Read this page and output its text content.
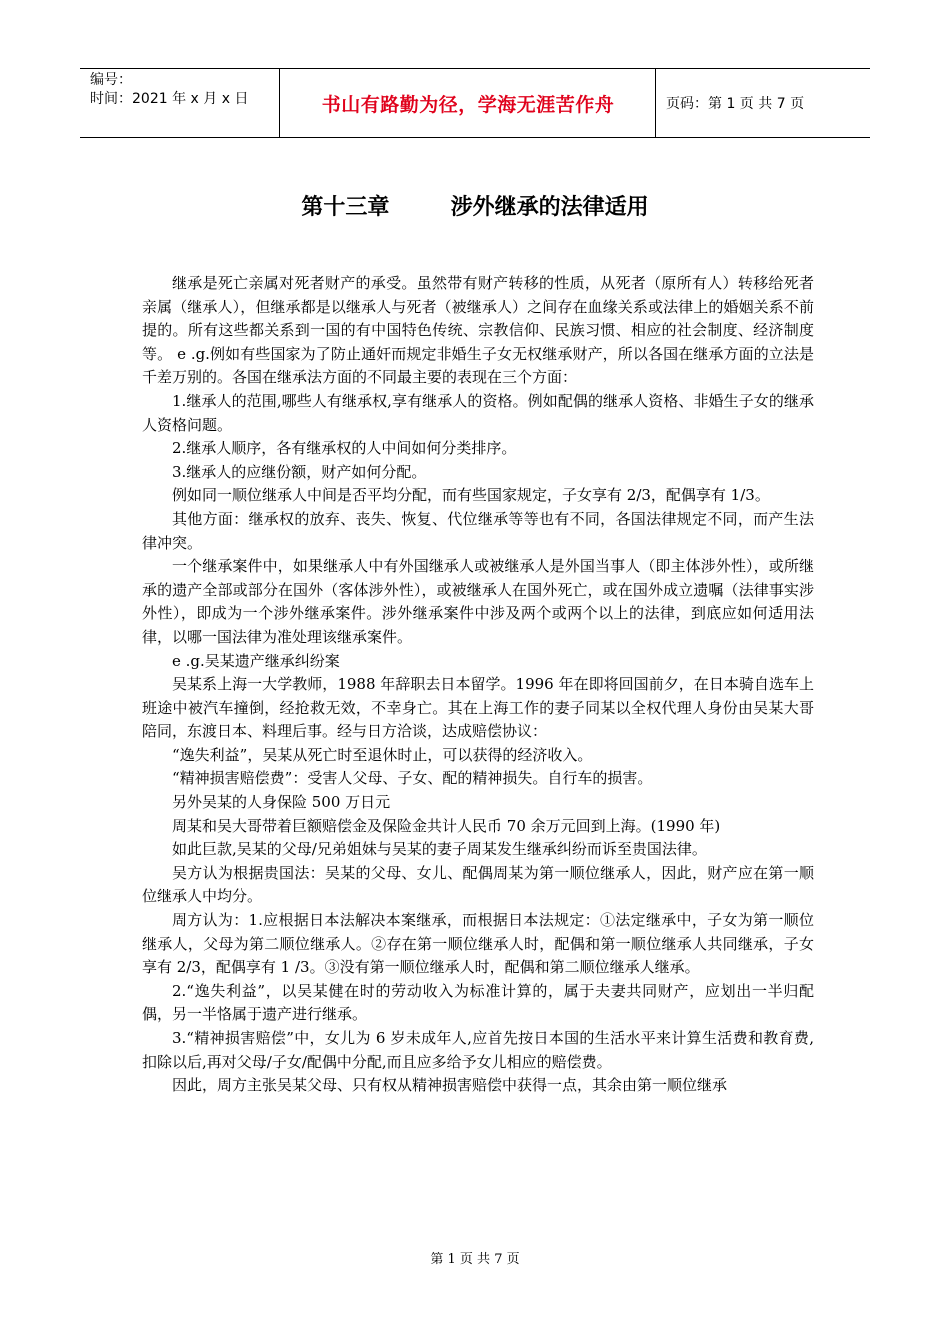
编号：
时间：2021 年 x 月 x 日	书山有路勤为径，学海无涯苦作舟	页码：第 1 页 共 7 页
第十三章        涉外继承的法律适用

继承是死亡亲属对死者财产的承受。虽然带有财产转移的性质，从死者（原所有人）转移给死者亲属（继承人），但继承都是以继承人与死者（被继承人）之间存在血缘关系或法律上的婚姻关系不前提的。所有这些都关系到一国的有中国特色传统、宗教信仰、民族习惯、相应的社会制度、经济制度等。 e .g.例如有些国家为了防止通奸而规定非婚生子女无权继承财产，所以各国在继承方面的立法是千差万别的。各国在继承法方面的不同最主要的表现在三个方面：

1.继承人的范围,哪些人有继承权,享有继承人的资格。例如配偶的继承人资格、非婚生子女的继承人资格问题。

2.继承人顺序，各有继承权的人中间如何分类排序。

3.继承人的应继份额，财产如何分配。

例如同一顺位继承人中间是否平均分配，而有些国家规定，子女享有 2/3，配偶享有 1/3。

其他方面：继承权的放弃、丧失、恢复、代位继承等等也有不同，各国法律规定不同，而产生法律冲突。

一个继承案件中，如果继承人中有外国继承人或被继承人是外国当事人（即主体涉外性），或所继承的遗产全部或部分在国外（客体涉外性），或被继承人在国外死亡，或在国外成立遗嘱（法律事实涉外性），即成为一个涉外继承案件。涉外继承案件中涉及两个或两个以上的法律，到底应如何适用法律，以哪一国法律为准处理该继承案件。

e .g.吴某遗产继承纠纷案

吴某系上海一大学教师，1988 年辞职去日本留学。1996 年在即将回国前夕，在日本骑自选车上班途中被汽车撞倒，经抢救无效，不幸身亡。其在上海工作的妻子同某以全权代理人身份由吴某大哥陪同，东渡日本、料理后事。经与日方洽谈，达成赔偿协议：

“逸失利益”，吴某从死亡时至退休时止，可以获得的经济收入。

“精神损害赔偿费”：受害人父母、子女、配的精神损失。自行车的损害。

另外吴某的人身保险 500 万日元

周某和吴大哥带着巨额赔偿金及保险金共计人民币 70 余万元回到上海。(1990 年)

如此巨款,吴某的父母/兄弟姐妹与吴某的妻子周某发生继承纠纷而诉至贵国法律。

吴方认为根据贵国法：吴某的父母、女儿、配偶周某为第一顺位继承人，因此，财产应在第一顺位继承人中均分。

周方认为：1.应根据日本法解决本案继承，而根据日本法规定：①法定继承中，子女为第一顺位继承人，父母为第二顺位继承人。②存在第一顺位继承人时，配偶和第一顺位继承人共同继承，子女享有 2/3，配偶享有 1 /3。③没有第一顺位继承人时，配偶和第二顺位继承人继承。

2.“逸失利益”，以吴某健在时的劳动收入为标准计算的，属于夫妻共同财产，应划出一半归配偶，另一半恪属于遗产进行继承。

3.“精神损害赔偿”中，女儿为 6 岁未成年人,应首先按日本国的生活水平来计算生活费和教育费,扣除以后,再对父母/子女/配偶中分配,而且应多给予女儿相应的赔偿费。

因此，周方主张吴某父母、只有权从精神损害赔偿中获得一点，其余由第一顺位继承

第 1 页 共 7 页
